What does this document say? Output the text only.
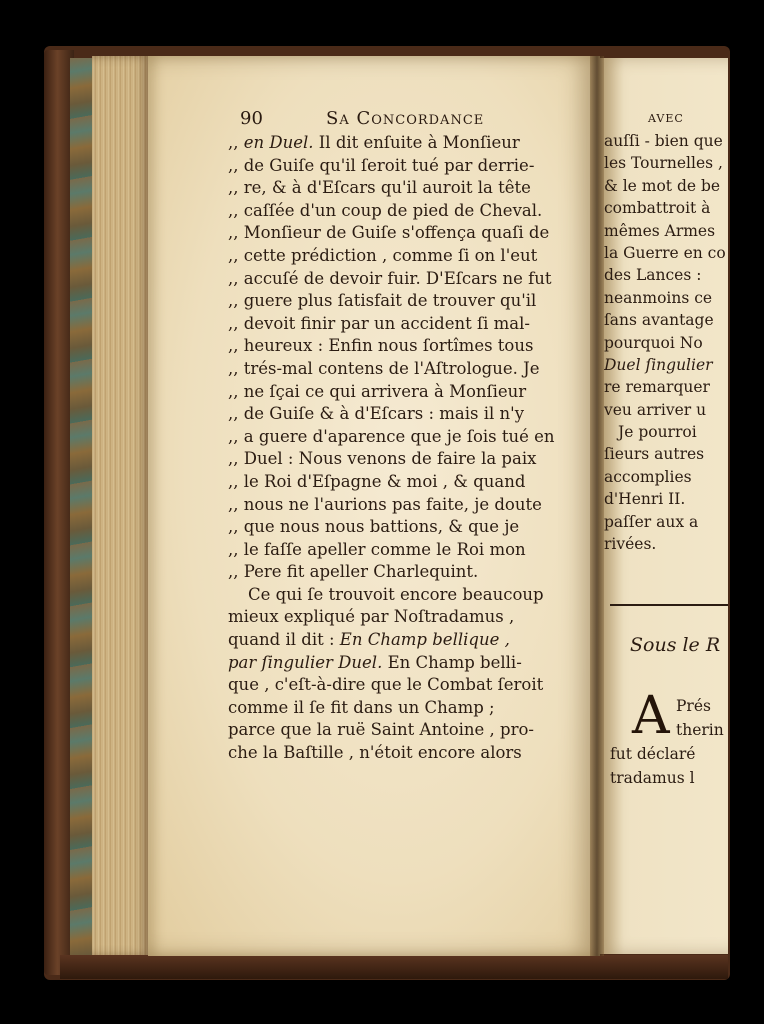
90	Sa Concordance
,, en Duel. Il dit enſuite à Monſieur
,, de Guiſe qu'il ſeroit tué par derrie-
,, re, & à d'Eſcars qu'il auroit la tête
,, caſſée d'un coup de pied de Cheval.
,, Monſieur de Guiſe s'offença quaſi de
,, cette prédiction , comme ſi on l'eut
,, accuſé de devoir fuir. D'Eſcars ne fut
,, guere plus ſatisfait de trouver qu'il
,, devoit finir par un accident ſi mal-
,, heureux : Enfin nous ſortîmes tous
,, trés-mal contens de l'Aſtrologue. Je
,, ne ſçai ce qui arrivera à Monſieur
,, de Guiſe & à d'Eſcars : mais il n'y
,, a guere d'aparence que je ſois tué en
,, Duel : Nous venons de faire la paix
,, le Roi d'Eſpagne & moi , & quand
,, nous ne l'aurions pas faite, je doute
,, que nous nous battions, & que je
,, le faſſe apeller comme le Roi mon
,, Pere fit apeller Charlequint.
Ce qui ſe trouvoit encore beaucoup
mieux expliqué par Noſtradamus ,
quand il dit : En Champ bellique ,
par ſingulier Duel. En Champ belli-
que , c'eſt-à-dire que le Combat ſeroit
comme il ſe fit dans un Champ ;
parce que la ruë Saint Antoine , pro-
che la Baſtille , n'étoit encore alors
avec
auſſi - bien que
les Tournelles ,
& le mot de be
combattroit à
mêmes Armes
la Guerre en co
des Lances :
neanmoins ce
ſans avantage
pourquoi No
Duel ſingulier
re remarquer
veu arriver u
Je pourroi
ſieurs autres
accomplies
d'Henri II.
paſſer aux a
rivées.
Sous le R
A Prés
therin
fut déclaré
tradamus l
